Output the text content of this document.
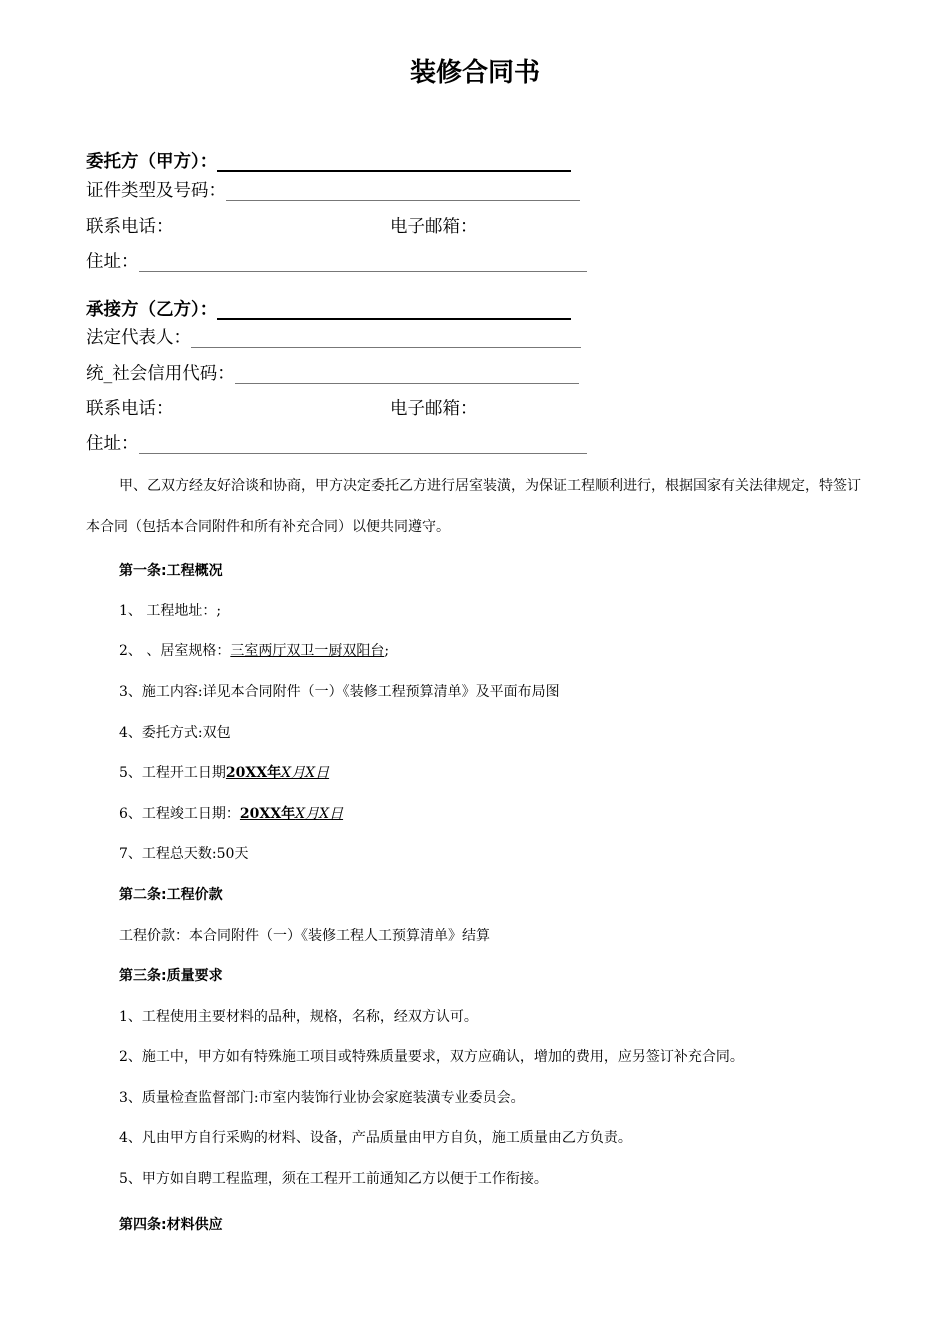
装修合同书
委托方（甲方）：
证件类型及号码：
联系电话：	电子邮箱：
住址：
承接方（乙方）：
法定代表人：
统_社会信用代码：
联系电话：	电子邮箱：
住址：
甲、乙双方经友好洽谈和协商，甲方决定委托乙方进行居室装潢，为保证工程顺利进行，根据国家有关法律规定，特签订本合同（包括本合同附件和所有补充合同）以便共同遵守。
第一条:工程概况
1、 工程地址：;
2、 、居室规格：三室两厅双卫一厨双阳台;
3、施工内容:详见本合同附件（一）《装修工程预算清单》及平面布局图
4、委托方式:双包
5、工程开工日期20XX年X月X日
6、工程竣工日期：20XX年X月X日
7、工程总天数:50天
第二条:工程价款
工程价款：本合同附件（一）《装修工程人工预算清单》结算
第三条:质量要求
1、工程使用主要材料的品种，规格，名称，经双方认可。
2、施工中，甲方如有特殊施工项目或特殊质量要求，双方应确认，增加的费用，应另签订补充合同。
3、质量检查监督部门:市室内装饰行业协会家庭装潢专业委员会。
4、凡由甲方自行采购的材料、设备，产品质量由甲方自负，施工质量由乙方负责。
5、甲方如自聘工程监理，须在工程开工前通知乙方以便于工作衔接。
第四条:材料供应
